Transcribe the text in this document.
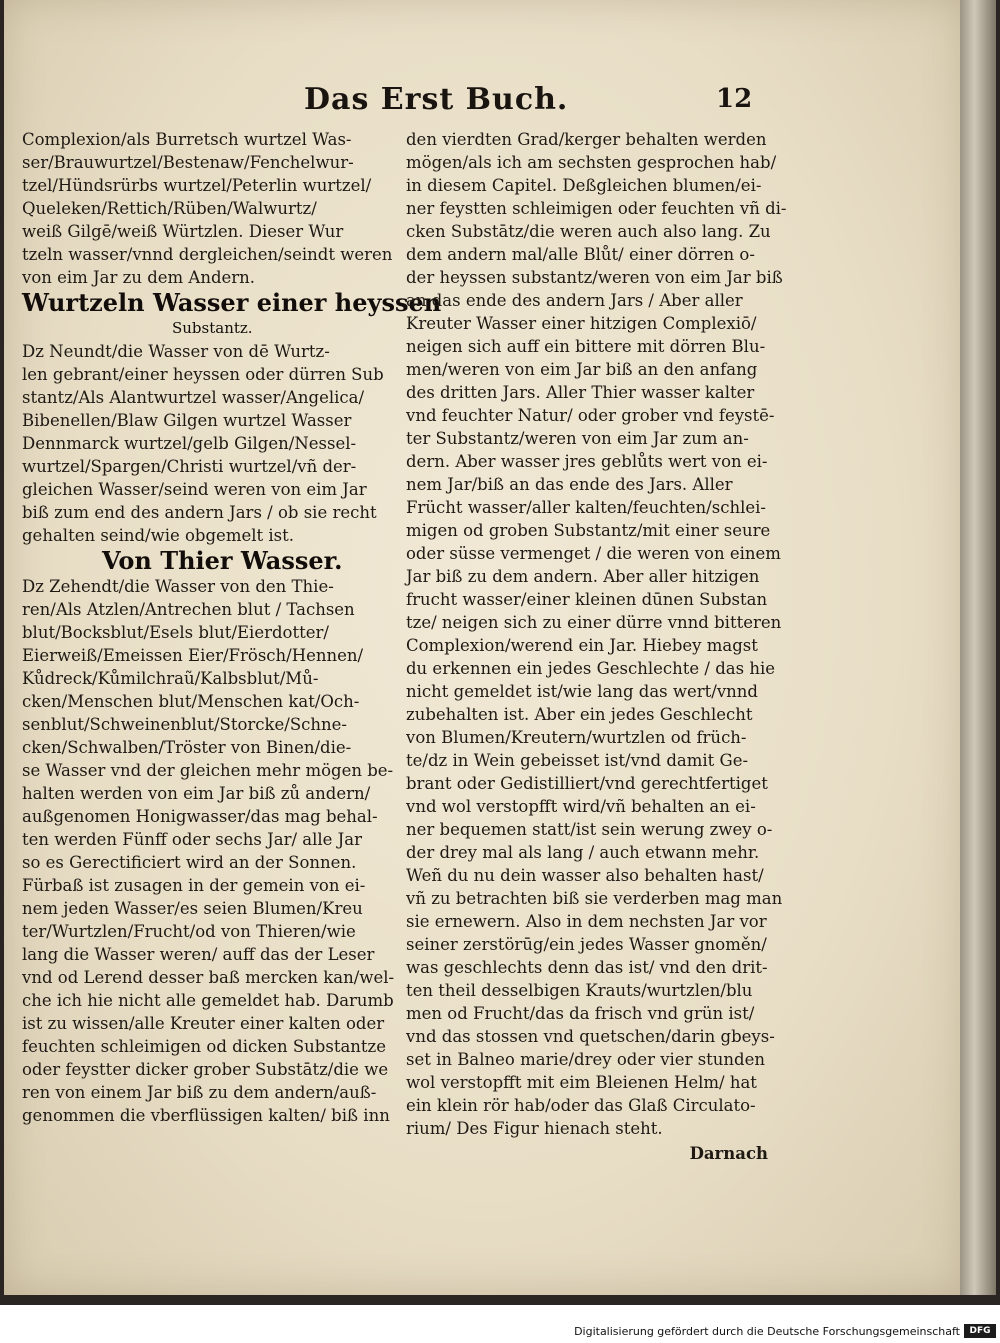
Das Erst Buch.	12
Complexion/als Burretsch wurtzel Was-
ser/Brauwurtzel/Bestenaw/Fenchelwur-
tzel/Hündsrürbs wurtzel/Peterlin wurtzel/
Queleken/Rettich/Rüben/Walwurtz/
weiß Gilgē/weiß Würtzlen. Dieser Wur
tzeln wasser/vnnd dergleichen/seindt weren
von eim Jar zu dem Andern.
Wurtzeln Wasser einer heyssen
Substantz.
Dz Neundt/die Wasser von dē Wurtz-
len gebrant/einer heyssen oder dürren Sub
stantz/Als Alantwurtzel wasser/Angelica/
Bibenellen/Blaw Gilgen wurtzel Wasser
Dennmarck wurtzel/gelb Gilgen/Nessel-
wurtzel/Spargen/Christi wurtzel/vñ der-
gleichen Wasser/seind weren von eim Jar
biß zum end des andern Jars / ob sie recht
gehalten seind/wie obgemelt ist.
Von Thier Wasser.
Dz Zehendt/die Wasser von den Thie-
ren/Als Atzlen/Antrechen blut / Tachsen
blut/Bocksblut/Esels blut/Eierdotter/
Eierweiß/Emeissen Eier/Frösch/Hennen/
Kůdreck/Kůmilchraũ/Kalbsblut/Mů-
cken/Menschen blut/Menschen kat/Och-
senblut/Schweinenblut/Storcke/Schne-
cken/Schwalben/Tröster von Binen/die-
se Wasser vnd der gleichen mehr mögen be-
halten werden von eim Jar biß zů andern/
außgenomen Honigwasser/das mag behal-
ten werden Fünff oder sechs Jar/ alle Jar
so es Gerectificiert wird an der Sonnen.
Fürbaß ist zusagen in der gemein von ei-
nem jeden Wasser/es seien Blumen/Kreu
ter/Wurtzlen/Frucht/od von Thieren/wie
lang die Wasser weren/ auff das der Leser
vnd od Lerend desser baß mercken kan/wel-
che ich hie nicht alle gemeldet hab. Darumb
ist zu wissen/alle Kreuter einer kalten oder
feuchten schleimigen od dicken Substantze
oder feystter dicker grober Substātz/die we
ren von einem Jar biß zu dem andern/auß-
genommen die vberflüssigen kalten/ biß inn
den vierdten Grad/kerger behalten werden
mögen/als ich am sechsten gesprochen hab/
in diesem Capitel. Deßgleichen blumen/ei-
ner feystten schleimigen oder feuchten vñ di-
cken Substātz/die weren auch also lang. Zu
dem andern mal/alle Blůt/ einer dörren o-
der heyssen substantz/weren von eim Jar biß
an das ende des andern Jars / Aber aller
Kreuter Wasser einer hitzigen Complexiō/
neigen sich auff ein bittere mit dörren Blu-
men/weren von eim Jar biß an den anfang
des dritten Jars. Aller Thier wasser kalter
vnd feuchter Natur/ oder grober vnd feystē-
ter Substantz/weren von eim Jar zum an-
dern. Aber wasser jres geblůts wert von ei-
nem Jar/biß an das ende des Jars. Aller
Frücht wasser/aller kalten/feuchten/schlei-
migen od groben Substantz/mit einer seure
oder süsse vermenget / die weren von einem
Jar biß zu dem andern. Aber aller hitzigen
frucht wasser/einer kleinen dūnen Substan
tze/ neigen sich zu einer dürre vnnd bitteren
Complexion/werend ein Jar. Hiebey magst
du erkennen ein jedes Geschlechte / das hie
nicht gemeldet ist/wie lang das wert/vnnd
zubehalten ist. Aber ein jedes Geschlecht
von Blumen/Kreutern/wurtzlen od früch-
te/dz in Wein gebeisset ist/vnd damit Ge-
brant oder Gedistilliert/vnd gerechtfertiget
vnd wol verstopfft wird/vñ behalten an ei-
ner bequemen statt/ist sein werung zwey o-
der drey mal als lang / auch etwann mehr.
Weñ du nu dein wasser also behalten hast/
vñ zu betrachten biß sie verderben mag man
sie ernewern. Also in dem nechsten Jar vor
seiner zerstörūg/ein jedes Wasser gnoměn/
was geschlechts denn das ist/ vnd den drit-
ten theil desselbigen Krauts/wurtzlen/blu
men od Frucht/das da frisch vnd grün ist/
vnd das stossen vnd quetschen/darin gbeys-
set in Balneo marie/drey oder vier stunden
wol verstopfft mit eim Bleienen Helm/ hat
ein klein rör hab/oder das Glaß Circulato-
rium/ Des Figur hienach steht.
Darnach
Digitalisierung gefördert durch die Deutsche Forschungsgemeinschaft	DFG
